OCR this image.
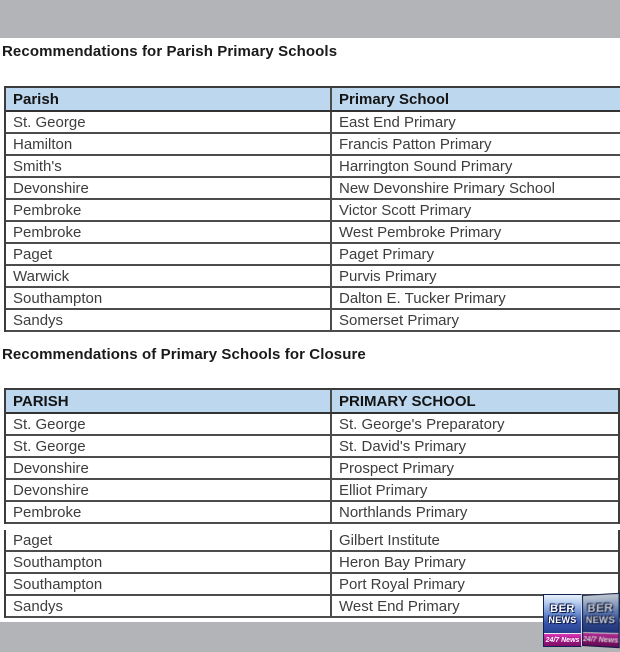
Recommendations for Parish Primary Schools
Parish	Primary School
St. George	East End Primary
Hamilton	Francis Patton Primary
Smith's	Harrington Sound Primary
Devonshire	New Devonshire Primary School
Pembroke	Victor Scott Primary
Pembroke	West Pembroke Primary
Paget	Paget Primary
Warwick	Purvis Primary
Southampton	Dalton E. Tucker Primary
Sandys	Somerset Primary
Recommendations of Primary Schools for Closure
PARISH	PRIMARY SCHOOL
St. George	St. George's Preparatory
St. George	St. David's Primary
Devonshire	Prospect Primary
Devonshire	Elliot Primary
Pembroke	Northlands Primary
Paget	Gilbert Institute
Southampton	Heron Bay Primary
Southampton	Port Royal Primary
Sandys	West End Primary	BER
NEWS
24/7 News
BER
NEWS
24/7 News
